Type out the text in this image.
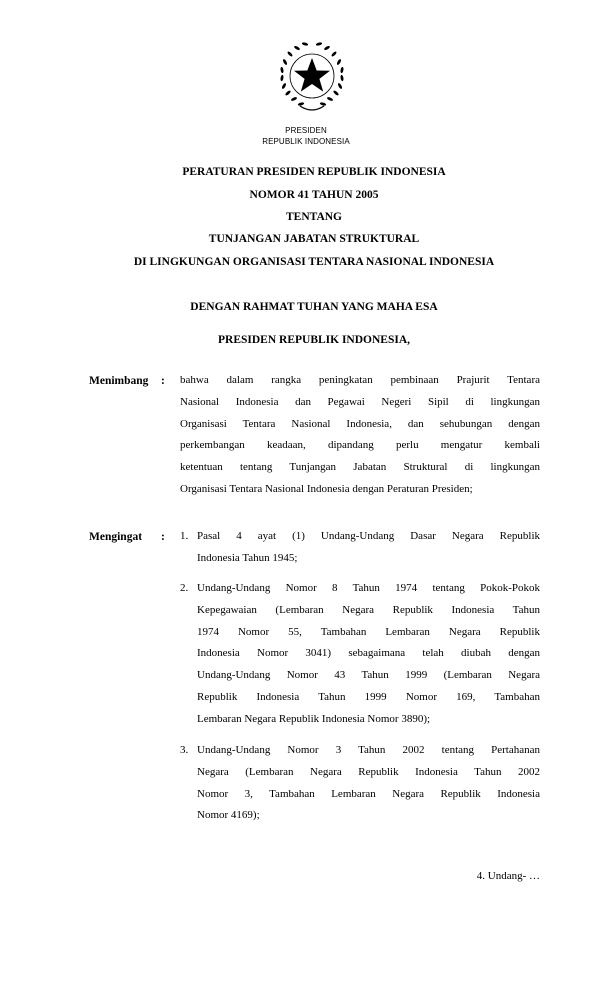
PRESIDEN
REPUBLIK INDONESIA
PERATURAN PRESIDEN REPUBLIK INDONESIA
NOMOR 41 TAHUN 2005
TENTANG
TUNJANGAN JABATAN STRUKTURAL
DI LINGKUNGAN ORGANISASI TENTARA NASIONAL INDONESIA
DENGAN RAHMAT TUHAN YANG MAHA ESA
PRESIDEN REPUBLIK INDONESIA,
Menimbang : bahwa dalam rangka peningkatan pembinaan Prajurit Tentara
Nasional Indonesia dan Pegawai Negeri Sipil di lingkungan
Organisasi Tentara Nasional Indonesia, dan sehubungan dengan
perkembangan keadaan, dipandang perlu mengatur kembali
ketentuan tentang Tunjangan Jabatan Struktural di lingkungan
Organisasi Tentara Nasional Indonesia dengan Peraturan Presiden;
Mengingat : 1. Pasal 4 ayat (1) Undang-Undang Dasar Negara Republik
Indonesia Tahun 1945;
2. Undang-Undang Nomor 8 Tahun 1974 tentang Pokok-Pokok
Kepegawaian (Lembaran Negara Republik Indonesia Tahun
1974 Nomor 55, Tambahan Lembaran Negara Republik
Indonesia Nomor 3041) sebagaimana telah diubah dengan
Undang-Undang Nomor 43 Tahun 1999 (Lembaran Negara
Republik Indonesia Tahun 1999 Nomor 169, Tambahan
Lembaran Negara Republik Indonesia Nomor 3890);
3. Undang-Undang Nomor 3 Tahun 2002 tentang Pertahanan
Negara (Lembaran Negara Republik Indonesia Tahun 2002
Nomor 3, Tambahan Lembaran Negara Republik Indonesia
Nomor 4169);
4. Undang- …
